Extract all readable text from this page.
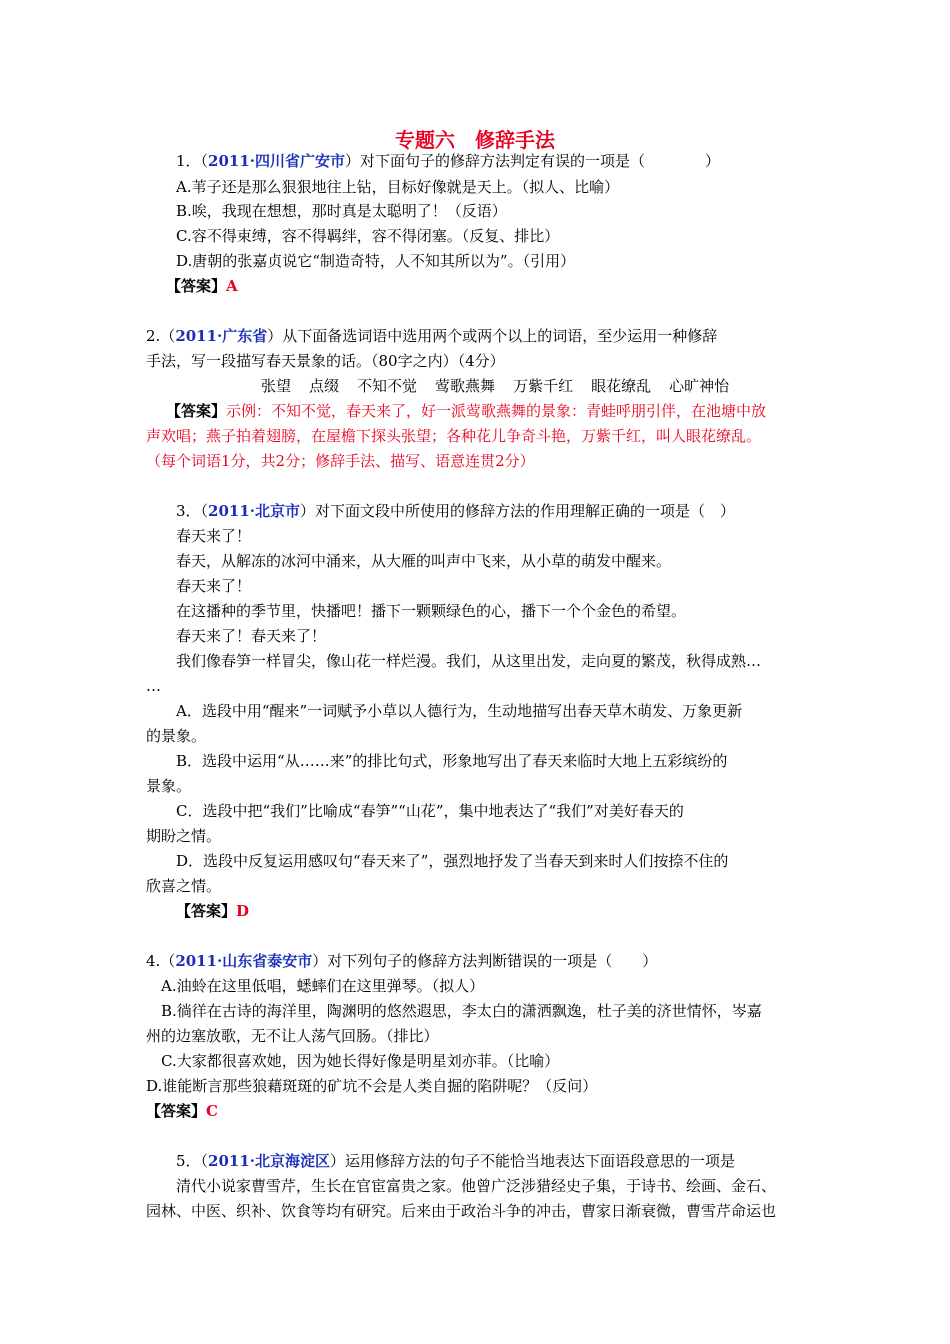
专题六　修辞手法
1．（2011·四川省广安市）对下面句子的修辞方法判定有误的一项是（　　　　）
A.苇子还是那么狠狠地往上钻，目标好像就是天上。（拟人、比喻）
B.唉，我现在想想，那时真是太聪明了！（反语）
C.容不得束缚，容不得羁绊，容不得闭塞。（反复、排比）
D.唐朝的张嘉贞说它“制造奇特，人不知其所以为”。（引用）
【答案】A
2.（2011·广东省）从下面备选词语中选用两个或两个以上的词语，至少运用一种修辞
手法，写一段描写春天景象的话。（80字之内）（4分）
张望 点缀 不知不觉 莺歌燕舞 万紫千红 眼花缭乱 心旷神怡
【答案】示例：不知不觉，春天来了，好一派莺歌燕舞的景象：青蛙呼朋引伴，在池塘中放
声欢唱；燕子拍着翅膀，在屋檐下探头张望；各种花儿争奇斗艳，万紫千红，叫人眼花缭乱。
（每个词语1分，共2分；修辞手法、描写、语意连贯2分）
3．（2011·北京市）对下面文段中所使用的修辞方法的作用理解正确的一项是（　）
春天来了！
春天，从解冻的冰河中涌来，从大雁的叫声中飞来，从小草的萌发中醒来。
春天来了！
在这播种的季节里，快播吧！播下一颗颗绿色的心，播下一个个金色的希望。
春天来了！春天来了！
我们像春笋一样冒尖，像山花一样烂漫。我们，从这里出发，走向夏的繁茂，秋得成熟…
…
A．选段中用“醒来”一词赋予小草以人德行为，生动地描写出春天草木萌发、万象更新
的景象。
B．选段中运用“从……来”的排比句式，形象地写出了春天来临时大地上五彩缤纷的
景象。
C．选段中把“我们”比喻成“春笋”“山花”，集中地表达了“我们”对美好春天的
期盼之情。
D．选段中反复运用感叹句“春天来了”，强烈地抒发了当春天到来时人们按捺不住的
欣喜之情。
【答案】D
4.（2011·山东省泰安市）对下列句子的修辞方法判断错误的一项是（　　）
A.油蛉在这里低唱，蟋蟀们在这里弹琴。（拟人）
B.徜徉在古诗的海洋里，陶渊明的悠然遐思，李太白的潇洒飘逸，杜子美的济世情怀，岑嘉
州的边塞放歌，无不让人荡气回肠。（排比）
C.大家都很喜欢她，因为她长得好像是明星刘亦菲。（比喻）
D.谁能断言那些狼藉斑斑的矿坑不会是人类自掘的陷阱呢？（反问）
【答案】C
5．（2011·北京海淀区）运用修辞方法的句子不能恰当地表达下面语段意思的一项是
清代小说家曹雪芹，生长在官宦富贵之家。他曾广泛涉猎经史子集，于诗书、绘画、金石、
园林、中医、织补、饮食等均有研究。后来由于政治斗争的冲击，曹家日渐衰微，曹雪芹命运也
